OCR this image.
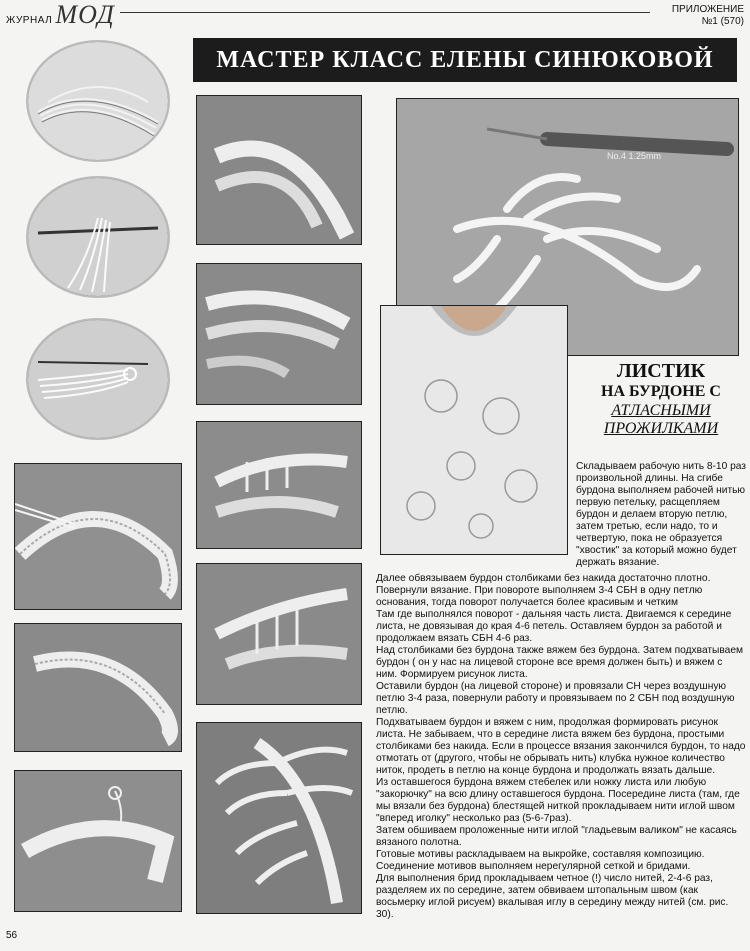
ЖУРНАЛ МОД	ПРИЛОЖЕНИЕ
№1 (570)
МАСТЕР КЛАСС ЕЛЕНЫ СИНЮКОВОЙ
No.4 1.25mm
ЛИСТИК
НА БУРДОНЕ С
АТЛАСНЫМИ
ПРОЖИЛКАМИ

Складываем рабочую нить 8-10 раз произвольной длины. На сгибе бурдона выполняем рабочей нитью первую петельку, расщепляем бурдон и делаем вторую петлю, затем третью, если надо, то и четвертую, пока не образуется "хвостик" за который можно будет держать вязание.

Далее обвязываем бурдон столбиками без накида достаточно плотно.

Повернули вязание. При повороте выполняем 3-4 СБН в одну петлю основания, тогда поворот получается более красивым и четким

Там где выполнялся поворот - дальняя часть листа. Двигаемся к середине листа, не довязывая до края 4-6 петель. Оставляем бурдон за работой и продолжаем вязать СБН 4-6 раз.

Над столбиками без бурдона также вяжем без бурдона. Затем подхватываем бурдон ( он у нас на лицевой стороне все время должен быть) и вяжем с ним. Формируем рисунок листа.

Оставили бурдон (на лицевой стороне) и провязали СН через воздушную петлю 3-4 раза, повернули работу и провязываем по 2 СБН под воздушную петлю.

Подхватываем бурдон и вяжем с ним, продолжая формировать рисунок листа. Не забываем, что в середине листа вяжем без бурдона, простыми столбиками без накида. Если в процессе вязания закончился бурдон, то надо отмотать от (другого, чтобы не обрывать нить) клубка нужное количество ниток, продеть в петлю на конце бурдона и продолжать вязать дальше.

Из оставшегося бурдона вяжем стебелек или ножку листа или любую "закорючку" на всю длину оставшегося бурдона. Посередине листа (там, где мы вязали без бурдона) блестящей ниткой прокладываем нити иглой швом "вперед иголку" несколько раз (5-6-7раз).

Затем обшиваем проложенные нити иглой "гладьевым валиком" не касаясь вязаного полотна.

Готовые мотивы раскладываем на выкройке, составляя композицию.

Соединение мотивов выполняем нерегулярной сеткой и бридами.

Для выполнения брид прокладываем четное (!) число нитей, 2-4-6 раз, разделяем их по середине, затем обвиваем штопальным швом (как восьмерку иглой рисуем) вкалывая иглу в середину между нитей (см. рис. 30).

56
